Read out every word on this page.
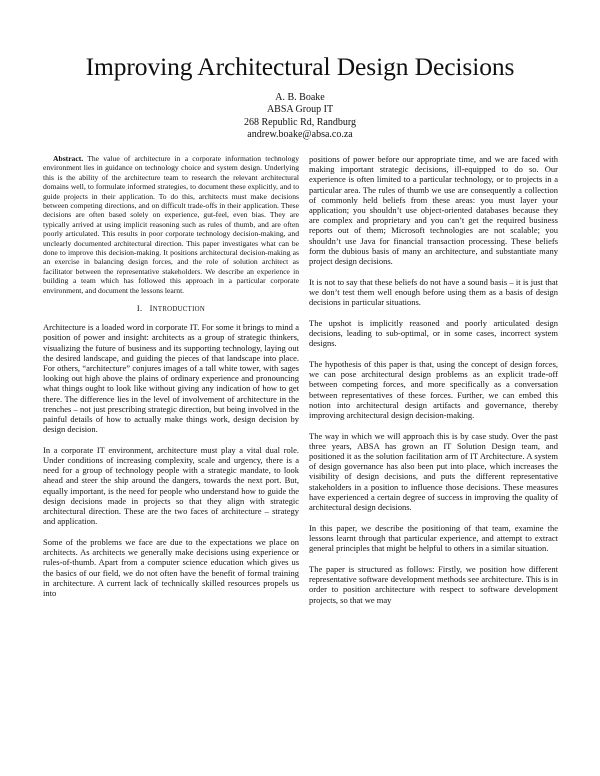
Improving Architectural Design Decisions
A. B. Boake
ABSA Group IT
268 Republic Rd, Randburg
andrew.boake@absa.co.za

Abstract. The value of architecture in a corporate information technology environment lies in guidance on technology choice and system design. Underlying this is the ability of the architecture team to research the relevant architectural domains well, to formulate informed strategies, to document these explicitly, and to guide projects in their application. To do this, architects must make decisions between competing directions, and on difficult trade-offs in their application. These decisions are often based solely on experience, gut-feel, even bias. They are typically arrived at using implicit reasoning such as rules of thumb, and are often poorly articulated. This results in poor corporate technology decision-making, and unclearly documented architectural direction. This paper investigates what can be done to improve this decision-making. It positions architectural decision-making as an exercise in balancing design forces, and the role of solution architect as facilitator between the representative stakeholders. We describe an experience in building a team which has followed this approach in a particular corporate environment, and document the lessons learnt.

I. INTRODUCTION

Architecture is a loaded word in corporate IT. For some it brings to mind a position of power and insight: architects as a group of strategic thinkers, visualizing the future of business and its supporting technology, laying out the desired landscape, and guiding the pieces of that landscape into place. For others, “architecture” conjures images of a tall white tower, with sages looking out high above the plains of ordinary experience and pronouncing what things ought to look like without giving any indication of how to get there. The difference lies in the level of involvement of architecture in the trenches – not just prescribing strategic direction, but being involved in the painful details of how to actually make things work, design decision by design decision.

In a corporate IT environment, architecture must play a vital dual role. Under conditions of increasing complexity, scale and urgency, there is a need for a group of technology people with a strategic mandate, to look ahead and steer the ship around the dangers, towards the next port. But, equally important, is the need for people who understand how to guide the design decisions made in projects so that they align with strategic architectural direction. These are the two faces of architecture – strategy and application.

Some of the problems we face are due to the expectations we place on architects. As architects we generally make decisions using experience or rules-of-thumb. Apart from a computer science education which gives us the basics of our field, we do not often have the benefit of formal training in architecture. A current lack of technically skilled resources propels us into

positions of power before our appropriate time, and we are faced with making important strategic decisions, ill-equipped to do so. Our experience is often limited to a particular technology, or to projects in a particular area. The rules of thumb we use are consequently a collection of commonly held beliefs from these areas: you must layer your application; you shouldn’t use object-oriented databases because they are complex and proprietary and you can’t get the required business reports out of them; Microsoft technologies are not scalable; you shouldn’t use Java for financial transaction processing. These beliefs form the dubious basis of many an architecture, and substantiate many project design decisions.

It is not to say that these beliefs do not have a sound basis – it is just that we don’t test them well enough before using them as a basis of design decisions in particular situations.

The upshot is implicitly reasoned and poorly articulated design decisions, leading to sub-optimal, or in some cases, incorrect system designs.

The hypothesis of this paper is that, using the concept of design forces, we can pose architectural design problems as an explicit trade-off between competing forces, and more specifically as a conversation between representatives of these forces. Further, we can embed this notion into architectural design artifacts and governance, thereby improving architectural design decision-making.

The way in which we will approach this is by case study. Over the past three years, ABSA has grown an IT Solution Design team, and positioned it as the solution facilitation arm of IT Architecture. A system of design governance has also been put into place, which increases the visibility of design decisions, and puts the different representative stakeholders in a position to influence those decisions. These measures have experienced a certain degree of success in improving the quality of architectural design decisions.

In this paper, we describe the positioning of that team, examine the lessons learnt through that particular experience, and attempt to extract general principles that might be helpful to others in a similar situation.

The paper is structured as follows: Firstly, we position how different representative software development methods see architecture. This is in order to position architecture with respect to software development projects, so that we may
